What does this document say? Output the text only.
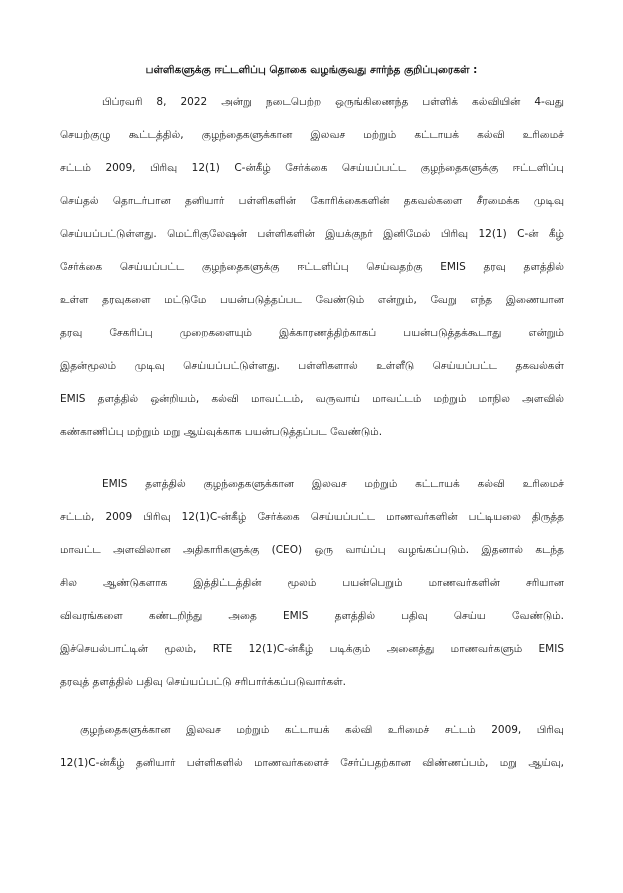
பள்ளிகளுக்கு ஈட்டளிப்பு தொகை வழங்குவது சார்ந்த குறிப்புரைகள் :
பிப்ரவரி 8, 2022 அன்று நடைபெற்ற ஒருங்கிணைந்த பள்ளிக் கல்வியின் 4-வது
செயற்குழு கூட்டத்தில், குழந்தைகளுக்கான இலவச மற்றும் கட்டாயக் கல்வி உரிமைச்
சட்டம் 2009, பிரிவு 12(1) C-ன்கீழ் சேர்க்கை செய்யப்பட்ட குழந்தைகளுக்கு ஈட்டளிப்பு
செய்தல் தொடர்பான தனியார் பள்ளிகளின் கோரிக்கைகளின் தகவல்களை சீரமைக்க முடிவு
செய்யப்பட்டுள்ளது. மெட்ரிகுலேஷன் பள்ளிகளின் இயக்குநர் இனிமேல் பிரிவு 12(1) C-ன் கீழ்
சேர்க்கை செய்யப்பட்ட குழந்தைகளுக்கு ஈட்டளிப்பு செய்வதற்கு EMIS தரவு தளத்தில்
உள்ள தரவுகளை மட்டுமே பயன்படுத்தப்பட வேண்டும் என்றும், வேறு எந்த இணையான
தரவு சேகரிப்பு முறைகளையும் இக்காரணத்திற்காகப் பயன்படுத்தக்கூடாது என்றும்
இதன்மூலம் முடிவு செய்யப்பட்டுள்ளது. பள்ளிகளால் உள்ளீடு செய்யப்பட்ட தகவல்கள்
EMIS தளத்தில் ஒன்றியம், கல்வி மாவட்டம், வருவாய் மாவட்டம் மற்றும் மாநில அளவில்
கண்காணிப்பு மற்றும் மறு ஆய்வுக்காக பயன்படுத்தப்பட வேண்டும்.
EMIS தளத்தில் குழந்தைகளுக்கான இலவச மற்றும் கட்டாயக் கல்வி உரிமைச்
சட்டம், 2009 பிரிவு 12(1)C-ன்கீழ் சேர்க்கை செய்யப்பட்ட மாணவர்களின் பட்டியலை திருத்த
மாவட்ட அளவிலான அதிகாரிகளுக்கு (CEO) ஒரு வாய்ப்பு வழங்கப்படும். இதனால் கடந்த
சில ஆண்டுகளாக இத்திட்டத்தின் மூலம் பயன்பெறும் மாணவர்களின் சரியான
விவரங்களை கண்டறிந்து அதை EMIS தளத்தில் பதிவு செய்ய வேண்டும்.
இச்செயல்பாட்டின் மூலம், RTE 12(1)C-ன்கீழ் படிக்கும் அனைத்து மாணவர்களும் EMIS
தரவுத் தளத்தில் பதிவு செய்யப்பட்டு சரிபார்க்கப்படுவார்கள்.
குழந்தைகளுக்கான இலவச மற்றும் கட்டாயக் கல்வி உரிமைச் சட்டம் 2009, பிரிவு
12(1)C-ன்கீழ் தனியார் பள்ளிகளில் மாணவர்களைச் சேர்ப்பதற்கான விண்ணப்பம், மறு ஆய்வு,
